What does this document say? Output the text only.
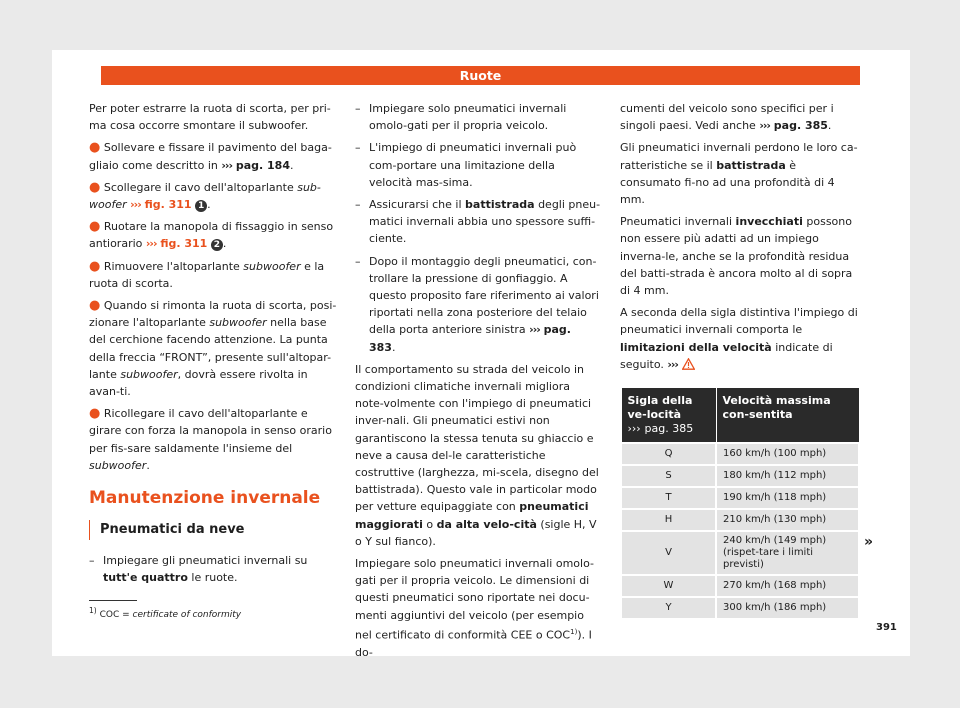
Ruote

Per poter estrarre la ruota di scorta, per pri-ma cosa occorre smontare il subwoofer.

● Sollevare e fissare il pavimento del baga-gliaio come descritto in ››› pag. 184.

● Scollegare il cavo dell'altoparlante sub-woofer ››› fig. 311 1 .

● Ruotare la manopola di fissaggio in senso antiorario ››› fig. 311 2 .

● Rimuovere l'altoparlante subwoofer e la ruota di scorta.

● Quando si rimonta la ruota di scorta, posi-zionare l'altoparlante subwoofer nella base del cerchione facendo attenzione. La punta della freccia “FRONT”, presente sull'altopar-lante subwoofer, dovrà essere rivolta in avan-ti.

● Ricollegare il cavo dell'altoparlante e girare con forza la manopola in senso orario per fis-sare saldamente l'insieme del subwoofer.

Manutenzione invernale
Pneumatici da neve
– Impiegare gli pneumatici invernali su tutt'e quattro le ruote.
– Impiegare solo pneumatici invernali omolo-gati per il propria veicolo.
– L'impiego di pneumatici invernali può com-portare una limitazione della velocità mas-sima.
– Assicurarsi che il battistrada degli pneu-matici invernali abbia uno spessore suffi-ciente.
– Dopo il montaggio degli pneumatici, con-trollare la pressione di gonfiaggio. A questo proposito fare riferimento ai valori riportati nella zona posteriore del telaio della porta anteriore sinistra ››› pag. 383.

Il comportamento su strada del veicolo in condizioni climatiche invernali migliora note-volmente con l'impiego di pneumatici inver-nali. Gli pneumatici estivi non garantiscono la stessa tenuta su ghiaccio e neve a causa del-le caratteristiche costruttive (larghezza, mi-scela, disegno del battistrada). Questo vale in particolar modo per vetture equipaggiate con pneumatici maggiorati o da alta velo-cità (sigle H, V o Y sul fianco).

Impiegare solo pneumatici invernali omolo-gati per il propria veicolo. Le dimensioni di questi pneumatici sono riportate nei docu-menti aggiuntivi del veicolo (per esempio nel certificato di conformità CEE o COC$^{1)}$). I do-

cumenti del veicolo sono specifici per i singoli paesi. Vedi anche ››› pag. 385.

Gli pneumatici invernali perdono le loro ca-ratteristiche se il battistrada è consumato fi-no ad una profondità di 4 mm.

Pneumatici invernali invecchiati possono non essere più adatti ad un impiego inverna-le, anche se la profondità residua del batti-strada è ancora molto al di sopra di 4 mm.

A seconda della sigla distintiva l'impiego di pneumatici invernali comporta le limitazioni della velocità indicate di seguito. ›››

Sigla della ve-locità
››› pag. 385	Velocità massima con-sentita
Q	160 km/h (100 mph)
S	180 km/h (112 mph)
T	190 km/h (118 mph)
H	210 km/h (130 mph)
V	240 km/h (149 mph) (rispet-tare i limiti previsti)
W	270 km/h (168 mph)
Y	300 km/h (186 mph)
»
$^{1)}$ COC = certificate of conformity
391
